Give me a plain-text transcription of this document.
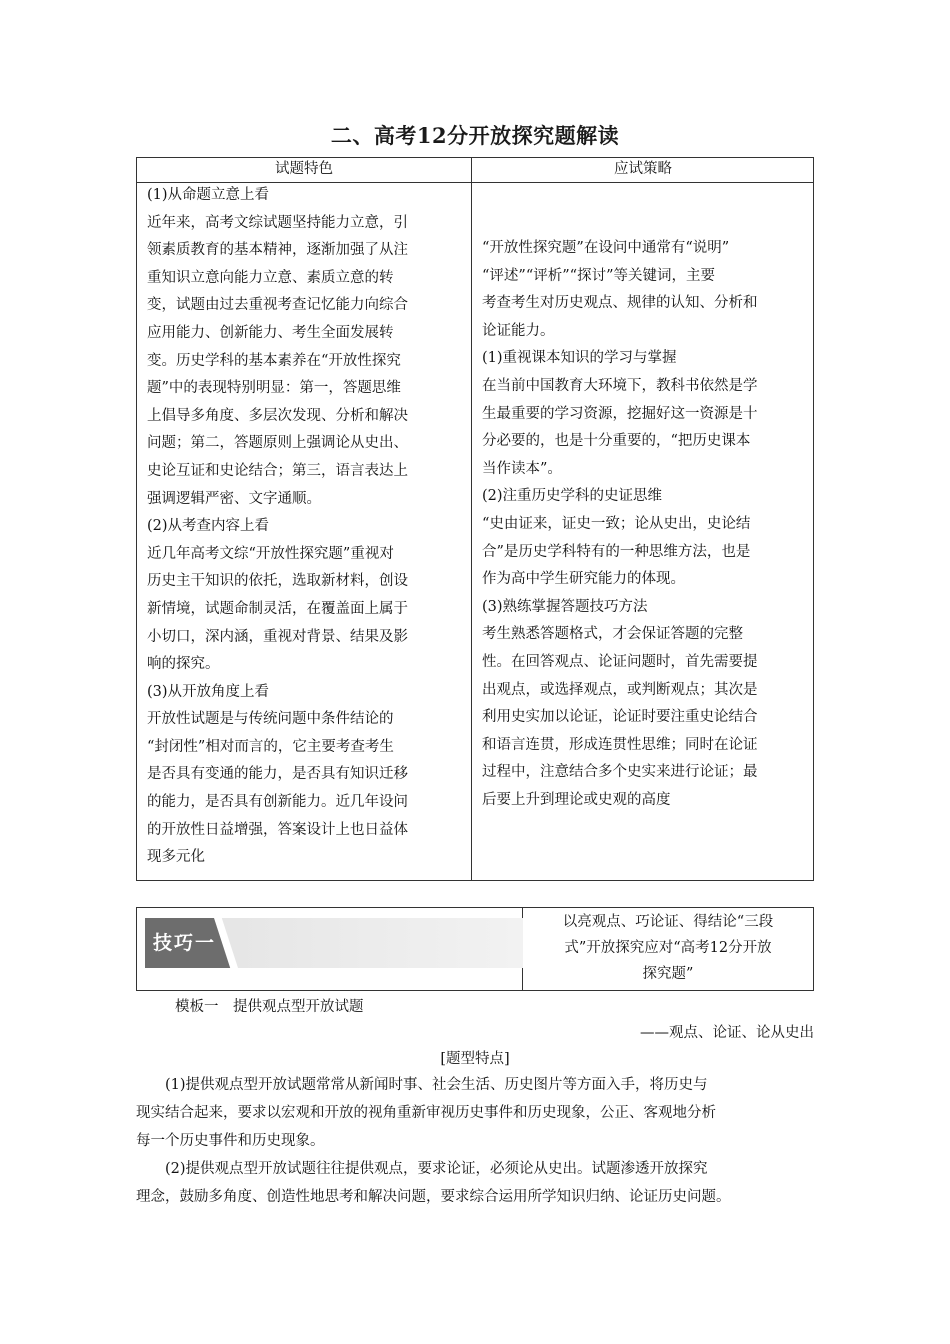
二、高考12分开放探究题解读
试题特色	应试策略
(1)从命题立意上看
近年来，高考文综试题坚持能力立意，引
领素质教育的基本精神，逐渐加强了从注
重知识立意向能力立意、素质立意的转
变，试题由过去重视考查记忆能力向综合
应用能力、创新能力、考生全面发展转
变。历史学科的基本素养在“开放性探究
题”中的表现特别明显：第一，答题思维
上倡导多角度、多层次发现、分析和解决
问题；第二，答题原则上强调论从史出、
史论互证和史论结合；第三，语言表达上
强调逻辑严密、文字通顺。
(2)从考查内容上看
近几年高考文综“开放性探究题”重视对
历史主干知识的依托，选取新材料，创设
新情境，试题命制灵活，在覆盖面上属于
小切口，深内涵，重视对背景、结果及影
响的探究。
(3)从开放角度上看
开放性试题是与传统问题中条件结论的
“封闭性”相对而言的，它主要考查考生
是否具有变通的能力，是否具有知识迁移
的能力，是否具有创新能力。近几年设问
的开放性日益增强，答案设计上也日益体
现多元化
“开放性探究题”在设问中通常有“说明”
“评述”“评析”“探讨”等关键词，主要
考查考生对历史观点、规律的认知、分析和
论证能力。
(1)重视课本知识的学习与掌握
在当前中国教育大环境下，教科书依然是学
生最重要的学习资源，挖掘好这一资源是十
分必要的，也是十分重要的，“把历史课本
当作读本”。
(2)注重历史学科的史证思维
“史由证来，证史一致；论从史出，史论结
合”是历史学科特有的一种思维方法，也是
作为高中学生研究能力的体现。
(3)熟练掌握答题技巧方法
考生熟悉答题格式，才会保证答题的完整
性。在回答观点、论证问题时，首先需要提
出观点，或选择观点，或判断观点；其次是
利用史实加以论证，论证时要注重史论结合
和语言连贯，形成连贯性思维；同时在论证
过程中，注意结合多个史实来进行论证；最
后要上升到理论或史观的高度
技巧一
以亮观点、巧论证、得结论“三段
式”开放探究应对“高考12分开放
探究题”
模板一　提供观点型开放试题
——观点、论证、论从史出
[题型特点]
(1)提供观点型开放试题常常从新闻时事、社会生活、历史图片等方面入手，将历史与
现实结合起来，要求以宏观和开放的视角重新审视历史事件和历史现象，公正、客观地分析
每一个历史事件和历史现象。
(2)提供观点型开放试题往往提供观点，要求论证，必须论从史出。试题渗透开放探究
理念，鼓励多角度、创造性地思考和解决问题，要求综合运用所学知识归纳、论证历史问题。
